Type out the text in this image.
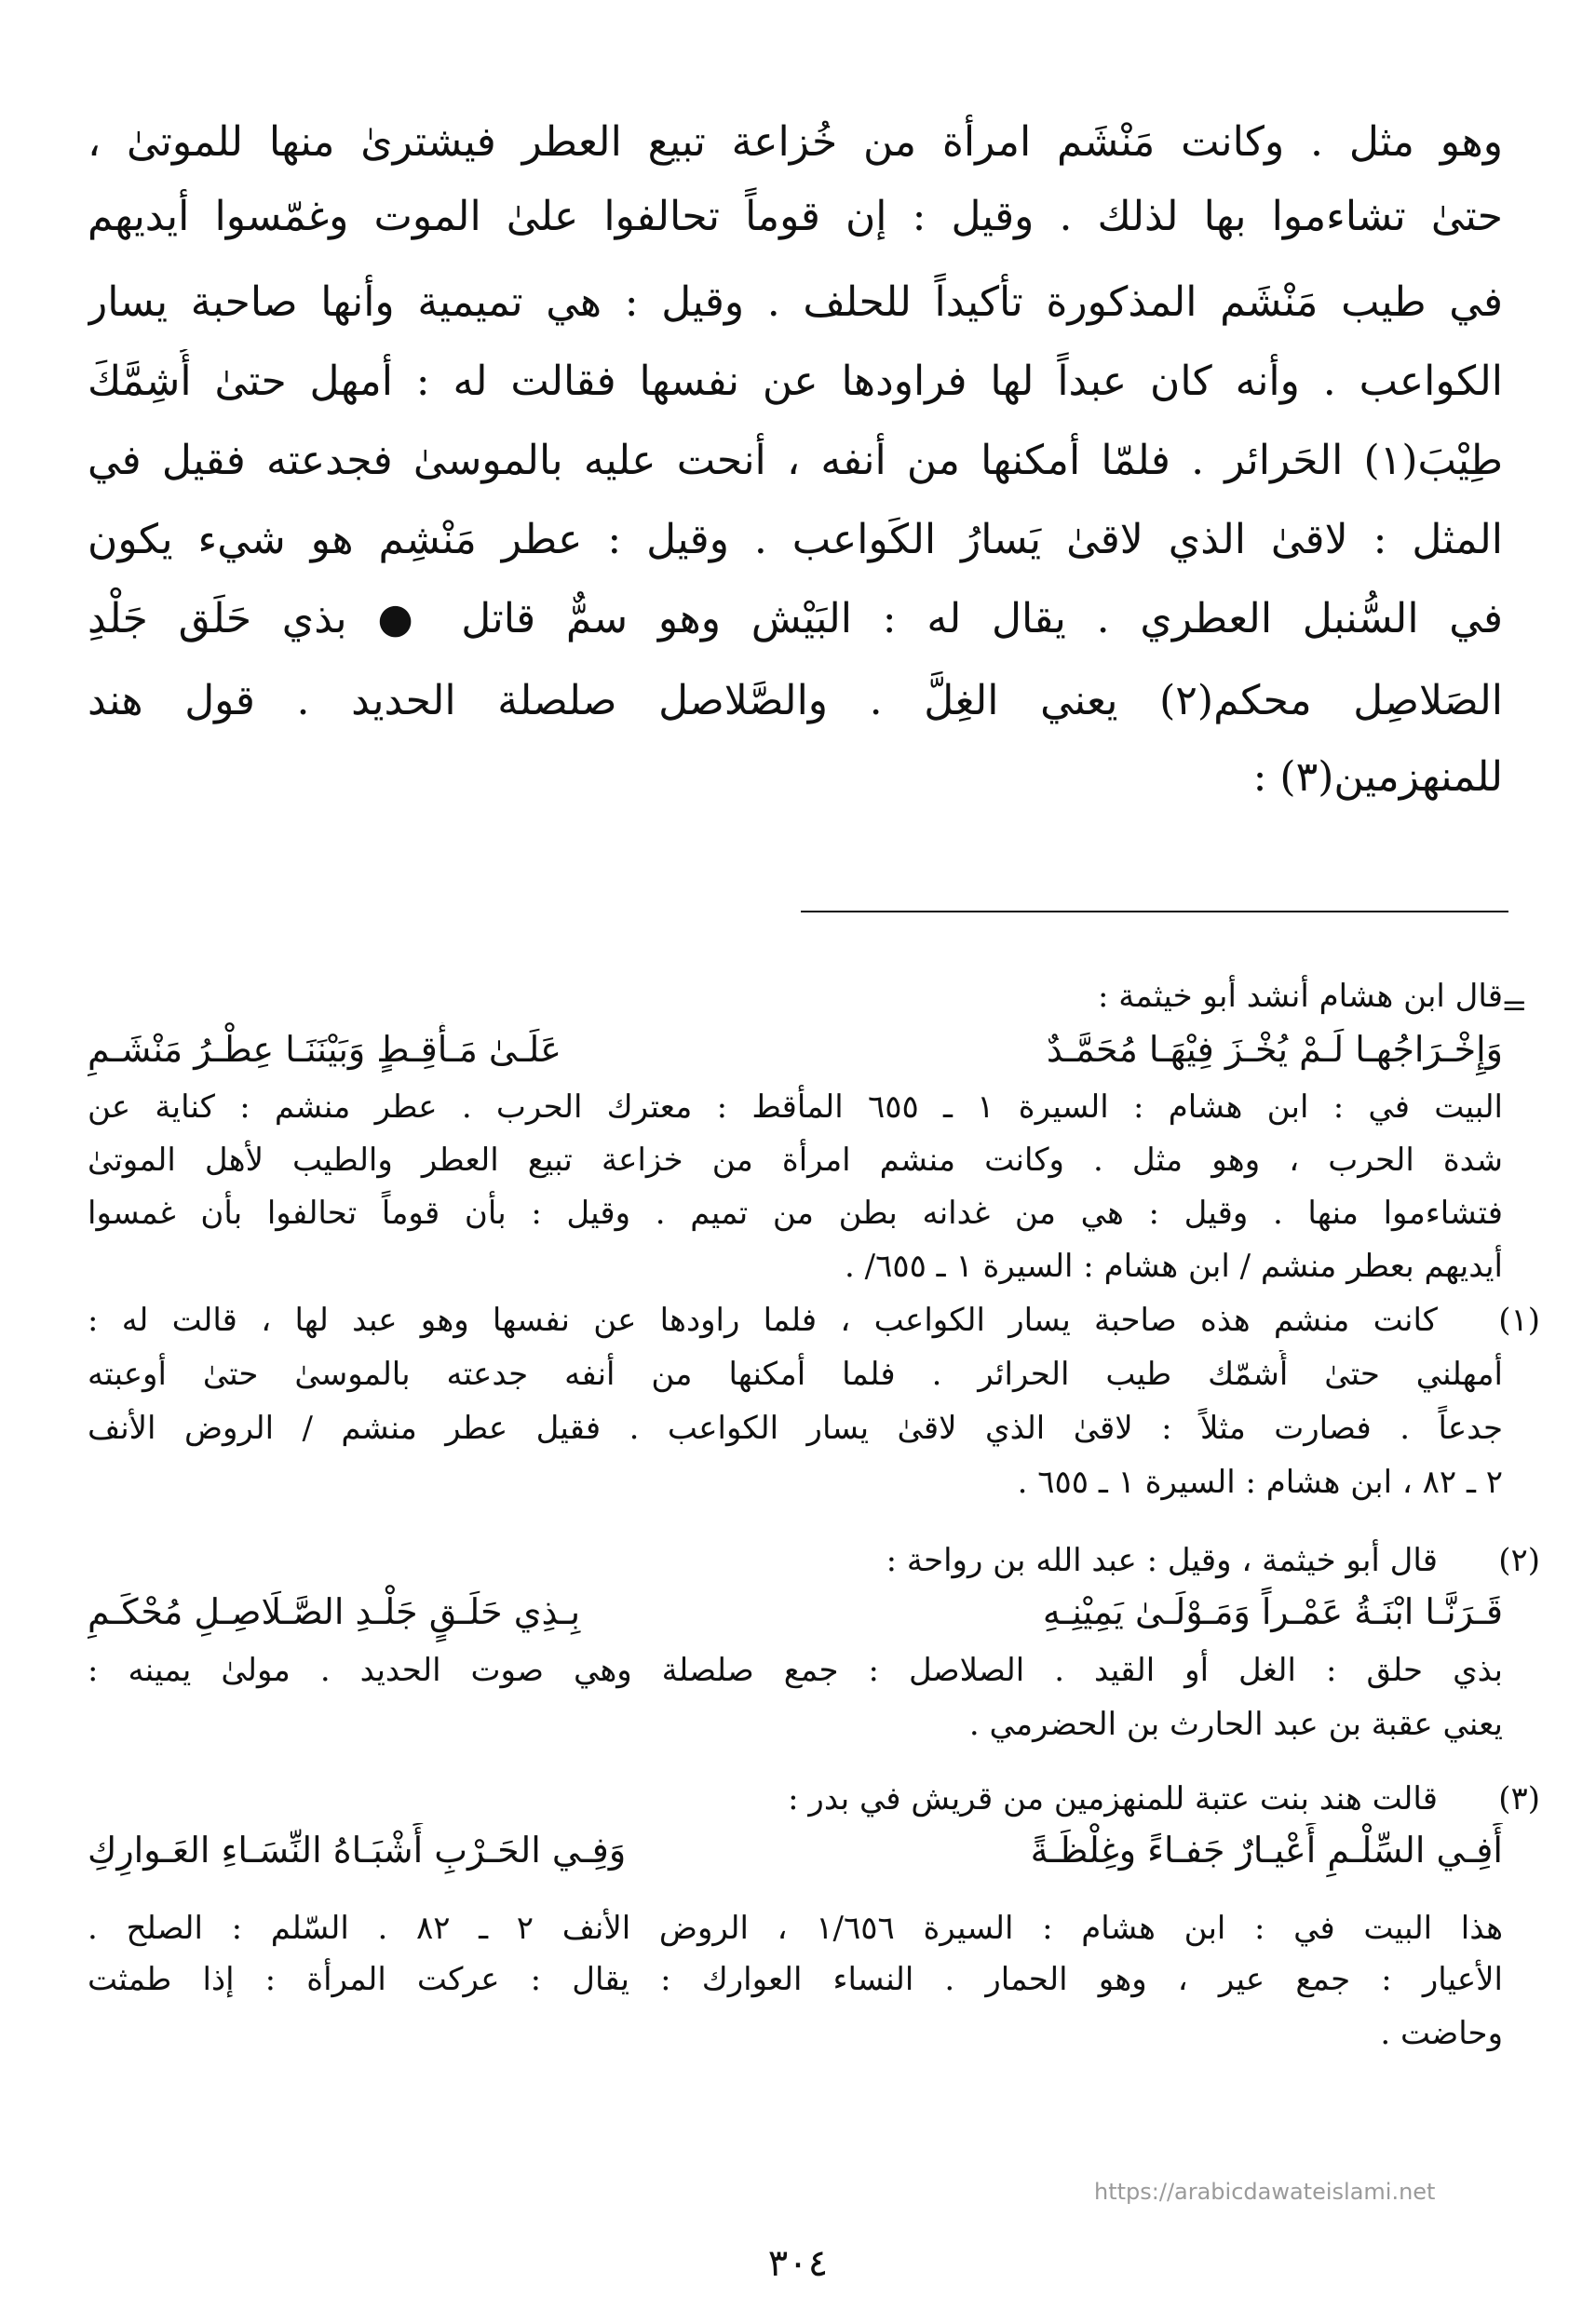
وهو مثل . وكانت مَنْشَم امرأة من خُزاعة تبيع العطر فيشترىٰ منها للموتىٰ ،
حتىٰ تشاءموا بها لذلك . وقيل : إن قوماً تحالفوا علىٰ الموت وغمّسوا أيديهم
في طيب مَنْشَم المذكورة تأكيداً للحلف . وقيل : هي تميمية وأنها صاحبة يسار
الكواعب . وأنه كان عبداً لها فراودها عن نفسها فقالت له : أمهل حتىٰ أُشِمَّكَ
طِيْبَ(١) الحَرائر . فلمّا أمكنها من أنفه ، أنحت عليه بالموسىٰ فجدعته فقيل في
المثل : لاقىٰ الذي لاقىٰ يَسارُ الكَواعب . وقيل : عطر مَنْشِم هو شيء يكون
في السُّنبل العطري . يقال له : البَيْش وهو سمٌّ قاتل ● بذي حَلَق جَلْدِ
الصَلاصِل محكم(٢) يعني الغِلَّ . والصَّلاصل صلصلة الحديد . قول هند
للمنهزمين(٣) :
=
قال ابن هشام أنشد أبو خيثمة :
وَإِخْـرَاجُهـا لَـمْ يُخْـزَ فِيْهَـا مُحَمَّـدٌ
عَلَـىٰ مَـأْقِـطٍ وَبَيْنَنَـا عِطْـرُ مَنْشَـمِ
البيت في : ابن هشام : السيرة ١ ـ ٦٥٥ المأقط : معترك الحرب . عطر منشم : كناية عن
شدة الحرب ، وهو مثل . وكانت منشم امرأة من خزاعة تبيع العطر والطيب لأهل الموتىٰ
فتشاءموا منها . وقيل : هي من غدانه بطن من تميم . وقيل : بأن قوماً تحالفوا بأن غمسوا
أيديهم بعطر منشم / ابن هشام : السيرة ١ ـ ٦٥٥/ .
(١)
كانت منشم هذه صاحبة يسار الكواعب ، فلما راودها عن نفسها وهو عبد لها ، قالت له :
أمهلني حتىٰ أُشمّك طيب الحرائر . فلما أمكنها من أنفه جدعته بالموسىٰ حتىٰ أوعبته
جدعاً . فصارت مثلاً : لاقىٰ الذي لاقىٰ يسار الكواعب . فقيل عطر منشم / الروض الأنف
٢ ـ ٨٢ ، ابن هشام : السيرة ١ ـ ٦٥٥ .
(٢)
قال أبو خيثمة ، وقيل : عبد الله بن رواحة :
قَـرَنَّـا ابْنَـةُ عَمْـراً وَمَـوْلَـىٰ يَمِيْنِـهِ
بِـذِي حَلَـقٍ جَلْـدِ الصَّـلَاصِـلِ مُحْكَـمِ
بذي حلق : الغل أو القيد . الصلاصل : جمع صلصلة وهي صوت الحديد . مولىٰ يمينه :
يعني عقبة بن عبد الحارث بن الحضرمي .
(٣)
قالت هند بنت عتبة للمنهزمين من قريش في بدر :
أَفِـي السِّلْـمِ أَعْيـارٌ جَفـاءً وغِلْظَـةً
وَفِـي الحَـرْبِ أَشْبَـاهُ النِّسَـاءِ العَـوارِكِ
هذا البيت في : ابن هشام : السيرة ١/٦٥٦ ، الروض الأنف ٢ ـ ٨٢ . السّلم : الصلح .
الأعيار : جمع عير ، وهو الحمار . النساء العوارك : يقال : عركت المرأة : إذا طمثت
وحاضت .
https://arabicdawateislami.net
٣٠٤
